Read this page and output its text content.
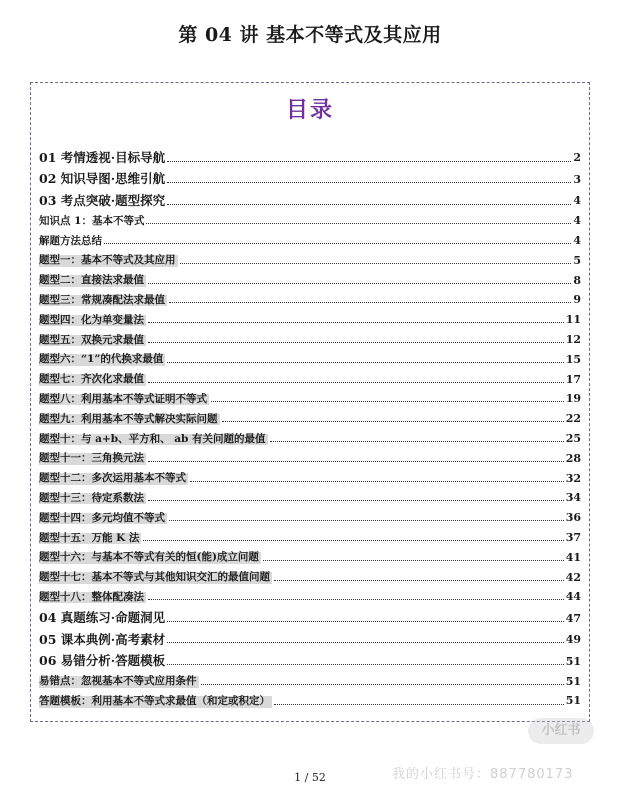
第 04 讲 基本不等式及其应用
目录
01 考情透视·目标导航	2
02 知识导图·思维引航	3
03 考点突破·题型探究	4
知识点 1：基本不等式	4
解题方法总结	4
题型一：基本不等式及其应用	5
题型二：直接法求最值	8
题型三：常规凑配法求最值	9
题型四：化为单变量法	11
题型五：双换元求最值	12
题型六：“1”的代换求最值	15
题型七：齐次化求最值	17
题型八：利用基本不等式证明不等式	19
题型九：利用基本不等式解决实际问题	22
题型十：与 a+b、平方和、 ab 有关问题的最值	25
题型十一：三角换元法	28
题型十二：多次运用基本不等式	32
题型十三：待定系数法	34
题型十四：多元均值不等式	36
题型十五：万能 K 法	37
题型十六：与基本不等式有关的恒(能)成立问题	41
题型十七：基本不等式与其他知识交汇的最值问题	42
题型十八：整体配凑法	44
04 真题练习·命题洞见	47
05 课本典例·高考素材	49
06 易错分析·答题模板	51
易错点：忽视基本不等式应用条件	51
答题模板：利用基本不等式求最值（和定或积定）	51
1 / 52
小红书
我的小红书号：887780173
